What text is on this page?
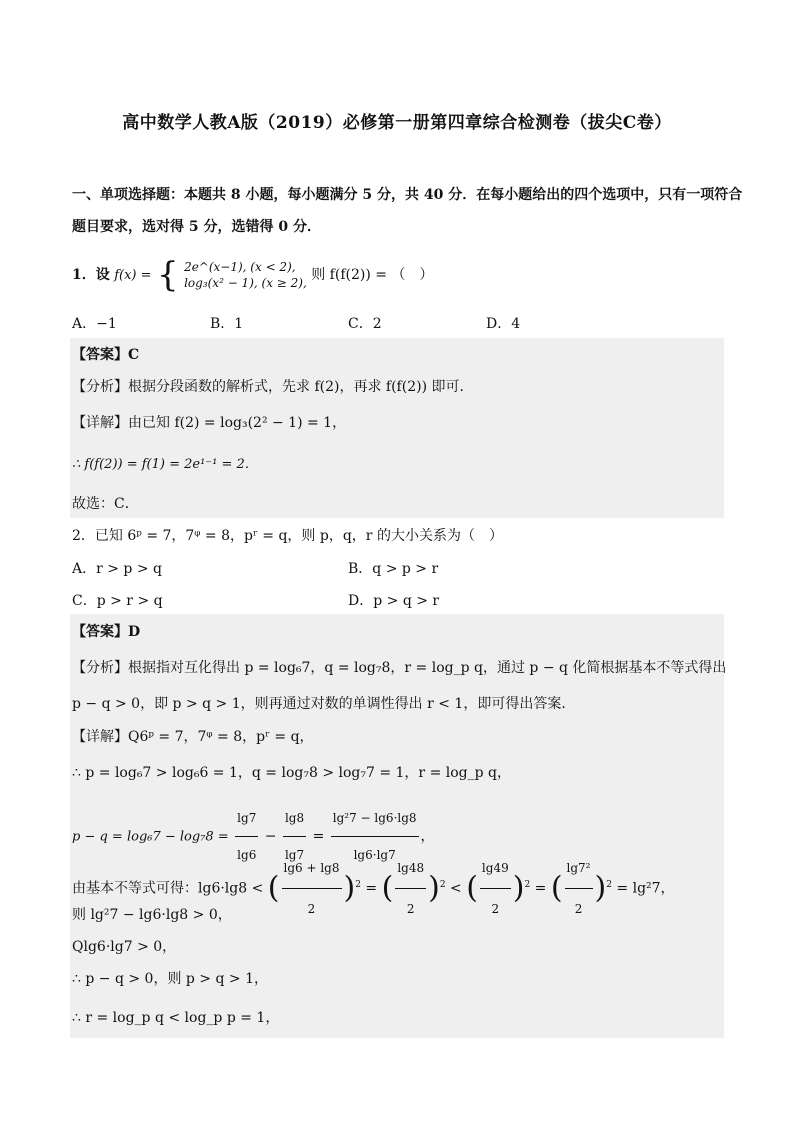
高中数学人教A版（2019）必修第一册第四章综合检测卷（拔尖C卷）
一、单项选择题：本题共 8 小题，每小题满分 5 分，共 40 分．在每小题给出的四个选项中，只有一项符合
题目要求，选对得 5 分，选错得 0 分．
1．设 f(x) = { 2e^(x−1), (x < 2),
log₃(x² − 1), (x ≥ 2), 则 f(f(2)) = （　）
A．−1	B．1	C．2	D．4
【答案】C
【分析】根据分段函数的解析式，先求 f(2)，再求 f(f(2)) 即可．
【详解】由已知 f(2) = log₃(2² − 1) = 1，
∴ f(f(2)) = f(1) = 2e¹⁻¹ = 2．
故选：C．
2．已知 6ᵖ = 7，7ᵠ = 8，pʳ = q，则 p，q，r 的大小关系为（　）
A．r > p > q	B．q > p > r
C．p > r > q	D．p > q > r
【答案】D
【分析】根据指对互化得出 p = log₆7，q = log₇8，r = log_p q，通过 p − q 化简根据基本不等式得出
p − q > 0，即 p > q > 1，则再通过对数的单调性得出 r < 1，即可得出答案．
【详解】Q6ᵖ = 7，7ᵠ = 8，pʳ = q，
∴ p = log₆7 > log₆6 = 1，q = log₇8 > log₇7 = 1，r = log_p q，
$p - q = \log_67 - \log_78 = \frac{\lg 7}{\lg 6} - \frac{\lg 8}{\lg 7} = \frac{\text{lg²7 − lg6·lg8}}{\lg 6\cdot\lg 7}$ ，
由基本不等式可得：lg6·lg8 < ( $\frac{\lg 6 + \lg 8}{2} )^2$ = ( $\frac{\lg 48}{2} )^2$ < ( $\frac{\lg 49}{2} )^2$ = ( $\frac{\text{lg7²}}{2} )^2 = \lg^27$，
则 lg²7 − lg6·lg8 > 0，
Qlg6·lg7 > 0，
∴ p − q > 0，则 p > q > 1，
∴ r = log_p q < log_p p = 1，
